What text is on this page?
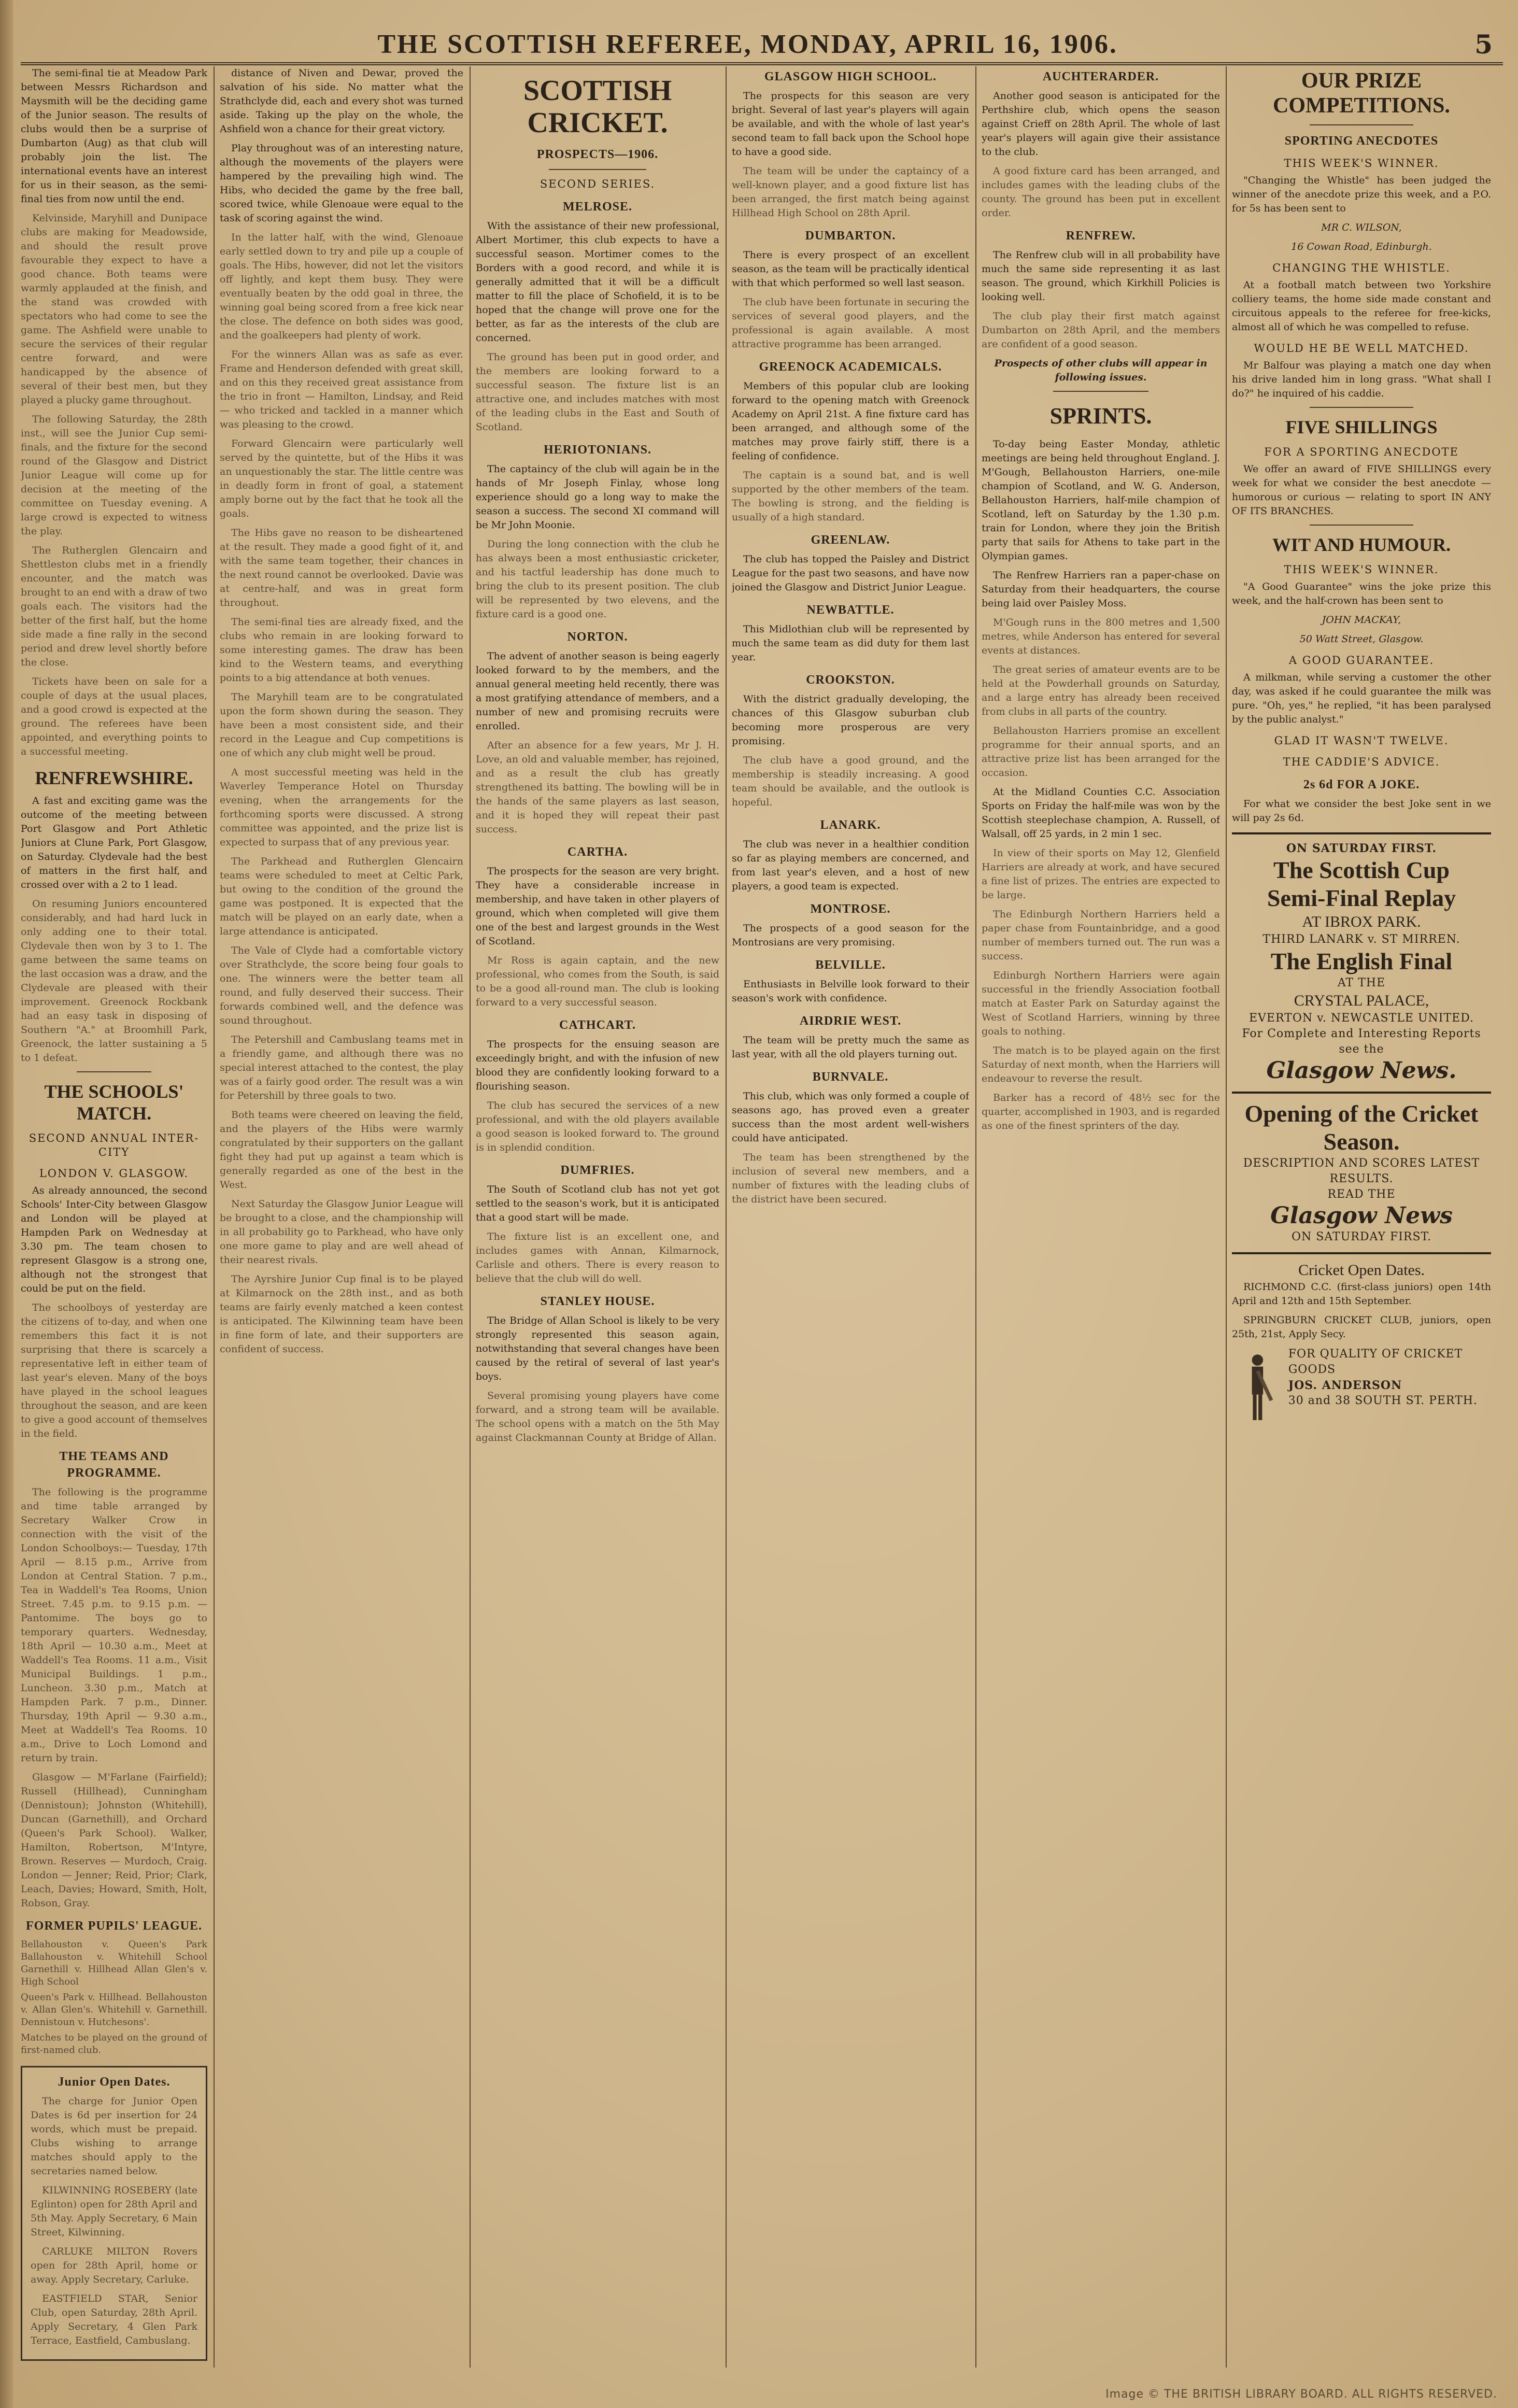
THE SCOTTISH REFEREE, MONDAY, APRIL 16, 1906.	5

The semi-final tie at Meadow Park between Messrs Richardson and Maysmith will be the deciding game of the Junior season. The results of clubs would then be a surprise of Dumbarton (Aug) as that club will probably join the list. The international events have an interest for us in their season, as the semi-final ties from now until the end.

Kelvinside, Maryhill and Dunipace clubs are making for Meadowside, and should the result prove favourable they expect to have a good chance. Both teams were warmly applauded at the finish, and the stand was crowded with spectators who had come to see the game. The Ashfield were unable to secure the services of their regular centre forward, and were handicapped by the absence of several of their best men, but they played a plucky game throughout.

The following Saturday, the 28th inst., will see the Junior Cup semi-finals, and the fixture for the second round of the Glasgow and District Junior League will come up for decision at the meeting of the committee on Tuesday evening. A large crowd is expected to witness the play.

The Rutherglen Glencairn and Shettleston clubs met in a friendly encounter, and the match was brought to an end with a draw of two goals each. The visitors had the better of the first half, but the home side made a fine rally in the second period and drew level shortly before the close.

Tickets have been on sale for a couple of days at the usual places, and a good crowd is expected at the ground. The referees have been appointed, and everything points to a successful meeting.

RENFREWSHIRE.

A fast and exciting game was the outcome of the meeting between Port Glasgow and Port Athletic Juniors at Clune Park, Port Glasgow, on Saturday. Clydevale had the best of matters in the first half, and crossed over with a 2 to 1 lead.

On resuming Juniors encountered considerably, and had hard luck in only adding one to their total. Clydevale then won by 3 to 1. The game between the same teams on the last occasion was a draw, and the Clydevale are pleased with their improvement. Greenock Rockbank had an easy task in disposing of Southern "A." at Broomhill Park, Greenock, the latter sustaining a 5 to 1 defeat.

THE SCHOOLS' MATCH.
SECOND ANNUAL INTER-CITY
LONDON V. GLASGOW.

As already announced, the second Schools' Inter-City between Glasgow and London will be played at Hampden Park on Wednesday at 3.30 pm. The team chosen to represent Glasgow is a strong one, although not the strongest that could be put on the field.

The schoolboys of yesterday are the citizens of to-day, and when one remembers this fact it is not surprising that there is scarcely a representative left in either team of last year's eleven. Many of the boys have played in the school leagues throughout the season, and are keen to give a good account of themselves in the field.

THE TEAMS AND PROGRAMME.

The following is the programme and time table arranged by Secretary Walker Crow in connection with the visit of the London Schoolboys:— Tuesday, 17th April — 8.15 p.m., Arrive from London at Central Station. 7 p.m., Tea in Waddell's Tea Rooms, Union Street. 7.45 p.m. to 9.15 p.m. — Pantomime. The boys go to temporary quarters. Wednesday, 18th April — 10.30 a.m., Meet at Waddell's Tea Rooms. 11 a.m., Visit Municipal Buildings. 1 p.m., Luncheon. 3.30 p.m., Match at Hampden Park. 7 p.m., Dinner. Thursday, 19th April — 9.30 a.m., Meet at Waddell's Tea Rooms. 10 a.m., Drive to Loch Lomond and return by train.

Glasgow — M'Farlane (Fairfield); Russell (Hillhead), Cunningham (Dennistoun); Johnston (Whitehill), Duncan (Garnethill), and Orchard (Queen's Park School). Walker, Hamilton, Robertson, M'Intyre, Brown. Reserves — Murdoch, Craig. London — Jenner; Reid, Prior; Clark, Leach, Davies; Howard, Smith, Holt, Robson, Gray.

FORMER PUPILS' LEAGUE.

Bellahouston v. Queen's Park Ballahouston v. Whitehill School Garnethill v. Hillhead Allan Glen's v. High School

Queen's Park v. Hillhead. Bellahouston v. Allan Glen's. Whitehill v. Garnethill. Dennistoun v. Hutchesons'.

Matches to be played on the ground of first-named club.

Junior Open Dates.

The charge for Junior Open Dates is 6d per insertion for 24 words, which must be prepaid. Clubs wishing to arrange matches should apply to the secretaries named below.

KILWINNING ROSEBERY (late Eglinton) open for 28th April and 5th May. Apply Secretary, 6 Main Street, Kilwinning.

CARLUKE MILTON Rovers open for 28th April, home or away. Apply Secretary, Carluke.

EASTFIELD STAR, Senior Club, open Saturday, 28th April. Apply Secretary, 4 Glen Park Terrace, Eastfield, Cambuslang.

distance of Niven and Dewar, proved the salvation of his side. No matter what the Strathclyde did, each and every shot was turned aside. Taking up the play on the whole, the Ashfield won a chance for their great victory.

Play throughout was of an interesting nature, although the movements of the players were hampered by the prevailing high wind. The Hibs, who decided the game by the free ball, scored twice, while Glenoaue were equal to the task of scoring against the wind.

In the latter half, with the wind, Glenoaue early settled down to try and pile up a couple of goals. The Hibs, however, did not let the visitors off lightly, and kept them busy. They were eventually beaten by the odd goal in three, the winning goal being scored from a free kick near the close. The defence on both sides was good, and the goalkeepers had plenty of work.

For the winners Allan was as safe as ever. Frame and Henderson defended with great skill, and on this they received great assistance from the trio in front — Hamilton, Lindsay, and Reid — who tricked and tackled in a manner which was pleasing to the crowd.

Forward Glencairn were particularly well served by the quintette, but of the Hibs it was an unquestionably the star. The little centre was in deadly form in front of goal, a statement amply borne out by the fact that he took all the goals.

The Hibs gave no reason to be disheartened at the result. They made a good fight of it, and with the same team together, their chances in the next round cannot be overlooked. Davie was at centre-half, and was in great form throughout.

The semi-final ties are already fixed, and the clubs who remain in are looking forward to some interesting games. The draw has been kind to the Western teams, and everything points to a big attendance at both venues.

The Maryhill team are to be congratulated upon the form shown during the season. They have been a most consistent side, and their record in the League and Cup competitions is one of which any club might well be proud.

A most successful meeting was held in the Waverley Temperance Hotel on Thursday evening, when the arrangements for the forthcoming sports were discussed. A strong committee was appointed, and the prize list is expected to surpass that of any previous year.

The Parkhead and Rutherglen Glencairn teams were scheduled to meet at Celtic Park, but owing to the condition of the ground the game was postponed. It is expected that the match will be played on an early date, when a large attendance is anticipated.

The Vale of Clyde had a comfortable victory over Strathclyde, the score being four goals to one. The winners were the better team all round, and fully deserved their success. Their forwards combined well, and the defence was sound throughout.

The Petershill and Cambuslang teams met in a friendly game, and although there was no special interest attached to the contest, the play was of a fairly good order. The result was a win for Petershill by three goals to two.

Both teams were cheered on leaving the field, and the players of the Hibs were warmly congratulated by their supporters on the gallant fight they had put up against a team which is generally regarded as one of the best in the West.

Next Saturday the Glasgow Junior League will be brought to a close, and the championship will in all probability go to Parkhead, who have only one more game to play and are well ahead of their nearest rivals.

The Ayrshire Junior Cup final is to be played at Kilmarnock on the 28th inst., and as both teams are fairly evenly matched a keen contest is anticipated. The Kilwinning team have been in fine form of late, and their supporters are confident of success.

SCOTTISH CRICKET.
PROSPECTS—1906.
SECOND SERIES.
MELROSE.

With the assistance of their new professional, Albert Mortimer, this club expects to have a successful season. Mortimer comes to the Borders with a good record, and while it is generally admitted that it will be a difficult matter to fill the place of Schofield, it is to be hoped that the change will prove one for the better, as far as the interests of the club are concerned.

The ground has been put in good order, and the members are looking forward to a successful season. The fixture list is an attractive one, and includes matches with most of the leading clubs in the East and South of Scotland.

HERIOTONIANS.

The captaincy of the club will again be in the hands of Mr Joseph Finlay, whose long experience should go a long way to make the season a success. The second XI command will be Mr John Moonie.

During the long connection with the club he has always been a most enthusiastic cricketer, and his tactful leadership has done much to bring the club to its present position. The club will be represented by two elevens, and the fixture card is a good one.

NORTON.

The advent of another season is being eagerly looked forward to by the members, and the annual general meeting held recently, there was a most gratifying attendance of members, and a number of new and promising recruits were enrolled.

After an absence for a few years, Mr J. H. Love, an old and valuable member, has rejoined, and as a result the club has greatly strengthened its batting. The bowling will be in the hands of the same players as last season, and it is hoped they will repeat their past success.

CARTHA.

The prospects for the season are very bright. They have a considerable increase in membership, and have taken in other players of ground, which when completed will give them one of the best and largest grounds in the West of Scotland.

Mr Ross is again captain, and the new professional, who comes from the South, is said to be a good all-round man. The club is looking forward to a very successful season.

CATHCART.

The prospects for the ensuing season are exceedingly bright, and with the infusion of new blood they are confidently looking forward to a flourishing season.

The club has secured the services of a new professional, and with the old players available a good season is looked forward to. The ground is in splendid condition.

DUMFRIES.

The South of Scotland club has not yet got settled to the season's work, but it is anticipated that a good start will be made.

The fixture list is an excellent one, and includes games with Annan, Kilmarnock, Carlisle and others. There is every reason to believe that the club will do well.

STANLEY HOUSE.

The Bridge of Allan School is likely to be very strongly represented this season again, notwithstanding that several changes have been caused by the retiral of several of last year's boys.

Several promising young players have come forward, and a strong team will be available. The school opens with a match on the 5th May against Clackmannan County at Bridge of Allan.

GLASGOW HIGH SCHOOL.

The prospects for this season are very bright. Several of last year's players will again be available, and with the whole of last year's second team to fall back upon the School hope to have a good side.

The team will be under the captaincy of a well-known player, and a good fixture list has been arranged, the first match being against Hillhead High School on 28th April.

DUMBARTON.

There is every prospect of an excellent season, as the team will be practically identical with that which performed so well last season.

The club have been fortunate in securing the services of several good players, and the professional is again available. A most attractive programme has been arranged.

GREENOCK ACADEMICALS.

Members of this popular club are looking forward to the opening match with Greenock Academy on April 21st. A fine fixture card has been arranged, and although some of the matches may prove fairly stiff, there is a feeling of confidence.

The captain is a sound bat, and is well supported by the other members of the team. The bowling is strong, and the fielding is usually of a high standard.

GREENLAW.

The club has topped the Paisley and District League for the past two seasons, and have now joined the Glasgow and District Junior League.

NEWBATTLE.

This Midlothian club will be represented by much the same team as did duty for them last year.

CROOKSTON.

With the district gradually developing, the chances of this Glasgow suburban club becoming more prosperous are very promising.

The club have a good ground, and the membership is steadily increasing. A good team should be available, and the outlook is hopeful.

LANARK.

The club was never in a healthier condition so far as playing members are concerned, and from last year's eleven, and a host of new players, a good team is expected.

MONTROSE.

The prospects of a good season for the Montrosians are very promising.

BELVILLE.

Enthusiasts in Belville look forward to their season's work with confidence.

AIRDRIE WEST.

The team will be pretty much the same as last year, with all the old players turning out.

BURNVALE.

This club, which was only formed a couple of seasons ago, has proved even a greater success than the most ardent well-wishers could have anticipated.

The team has been strengthened by the inclusion of several new members, and a number of fixtures with the leading clubs of the district have been secured.

AUCHTERARDER.

Another good season is anticipated for the Perthshire club, which opens the season against Crieff on 28th April. The whole of last year's players will again give their assistance to the club.

A good fixture card has been arranged, and includes games with the leading clubs of the county. The ground has been put in excellent order.

RENFREW.

The Renfrew club will in all probability have much the same side representing it as last season. The ground, which Kirkhill Policies is looking well.

The club play their first match against Dumbarton on 28th April, and the members are confident of a good season.

Prospects of other clubs will appear in following issues.

SPRINTS.

To-day being Easter Monday, athletic meetings are being held throughout England. J. M'Gough, Bellahouston Harriers, one-mile champion of Scotland, and W. G. Anderson, Bellahouston Harriers, half-mile champion of Scotland, left on Saturday by the 1.30 p.m. train for London, where they join the British party that sails for Athens to take part in the Olympian games.

The Renfrew Harriers ran a paper-chase on Saturday from their headquarters, the course being laid over Paisley Moss.

M'Gough runs in the 800 metres and 1,500 metres, while Anderson has entered for several events at distances.

The great series of amateur events are to be held at the Powderhall grounds on Saturday, and a large entry has already been received from clubs in all parts of the country.

Bellahouston Harriers promise an excellent programme for their annual sports, and an attractive prize list has been arranged for the occasion.

At the Midland Counties C.C. Association Sports on Friday the half-mile was won by the Scottish steeplechase champion, A. Russell, of Walsall, off 25 yards, in 2 min 1 sec.

In view of their sports on May 12, Glenfield Harriers are already at work, and have secured a fine list of prizes. The entries are expected to be large.

The Edinburgh Northern Harriers held a paper chase from Fountainbridge, and a good number of members turned out. The run was a success.

Edinburgh Northern Harriers were again successful in the friendly Association football match at Easter Park on Saturday against the West of Scotland Harriers, winning by three goals to nothing.

The match is to be played again on the first Saturday of next month, when the Harriers will endeavour to reverse the result.

Barker has a record of 48½ sec for the quarter, accomplished in 1903, and is regarded as one of the finest sprinters of the day.

OUR PRIZE COMPETITIONS.
SPORTING ANECDOTES
THIS WEEK'S WINNER.

"Changing the Whistle" has been judged the winner of the anecdote prize this week, and a P.O. for 5s has been sent to

MR C. WILSON,

16 Cowan Road, Edinburgh.

CHANGING THE WHISTLE.

At a football match between two Yorkshire colliery teams, the home side made constant and circuitous appeals to the referee for free-kicks, almost all of which he was compelled to refuse.

WOULD HE BE WELL MATCHED.

Mr Balfour was playing a match one day when his drive landed him in long grass. "What shall I do?" he inquired of his caddie.

FIVE SHILLINGS
FOR A SPORTING ANECDOTE

We offer an award of FIVE SHILLINGS every week for what we consider the best anecdote — humorous or curious — relating to sport IN ANY OF ITS BRANCHES.

WIT AND HUMOUR.
THIS WEEK'S WINNER.

"A Good Guarantee" wins the joke prize this week, and the half-crown has been sent to

JOHN MACKAY,

50 Watt Street, Glasgow.

A GOOD GUARANTEE.

A milkman, while serving a customer the other day, was asked if he could guarantee the milk was pure. "Oh, yes," he replied, "it has been paralysed by the public analyst."

GLAD IT WASN'T TWELVE.
THE CADDIE'S ADVICE.
2s 6d FOR A JOKE.

For what we consider the best Joke sent in we will pay 2s 6d.

ON SATURDAY FIRST.
The Scottish Cup
Semi-Final Replay
AT IBROX PARK.
THIRD LANARK v. ST MIRREN.
The English Final
AT THE
CRYSTAL PALACE,
EVERTON v. NEWCASTLE UNITED.
For Complete and Interesting Reports see the
Glasgow News.
Opening of the Cricket Season.
DESCRIPTION AND SCORES LATEST RESULTS.
READ THE
Glasgow News
ON SATURDAY FIRST.
Cricket Open Dates.

RICHMOND C.C. (first-class juniors) open 14th April and 12th and 15th September.

SPRINGBURN CRICKET CLUB, juniors, open 25th, 21st, Apply Secy.

FOR QUALITY OF CRICKET GOODS
JOS. ANDERSON
30 and 38 SOUTH ST. PERTH.
Image © THE BRITISH LIBRARY BOARD. ALL RIGHTS RESERVED.
